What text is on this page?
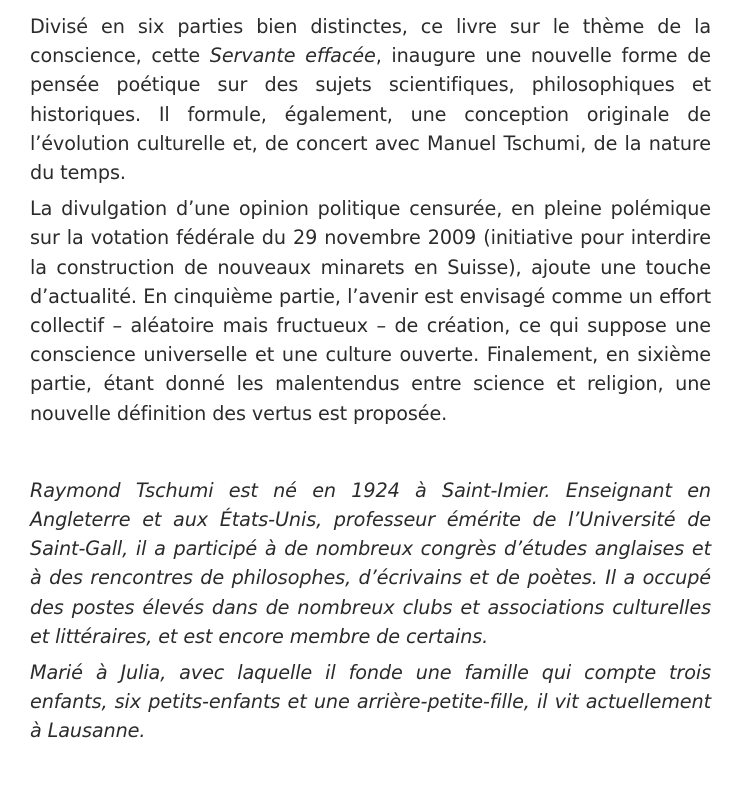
Divisé en six parties bien distinctes, ce livre sur le thème de la conscience, cette Servante effacée, inaugure une nouvelle forme de pensée poétique sur des sujets scientifiques, philosophiques et historiques. Il formule, également, une conception originale de l’évolution culturelle et, de concert avec Manuel Tschumi, de la nature du temps.

La divulgation d’une opinion politique censurée, en pleine polémique sur la votation fédérale du 29 novembre 2009 (initiative pour interdire la construction de nouveaux minarets en Suisse), ajoute une touche d’actualité. En cinquième partie, l’avenir est envisagé comme un effort collectif – aléatoire mais fructueux – de création, ce qui suppose une conscience universelle et une culture ouverte. Finalement, en sixième partie, étant donné les malentendus entre science et religion, une nouvelle définition des vertus est proposée.

Raymond Tschumi est né en 1924 à Saint-Imier. Enseignant en Angleterre et aux États-Unis, professeur émérite de l’Université de Saint-Gall, il a participé à de nombreux congrès d’études anglaises et à des rencontres de philosophes, d’écrivains et de poètes. Il a occupé des postes élevés dans de nombreux clubs et associations culturelles et littéraires, et est encore membre de certains.

Marié à Julia, avec laquelle il fonde une famille qui compte trois enfants, six petits-enfants et une arrière-petite-fille, il vit actuellement à Lausanne.
